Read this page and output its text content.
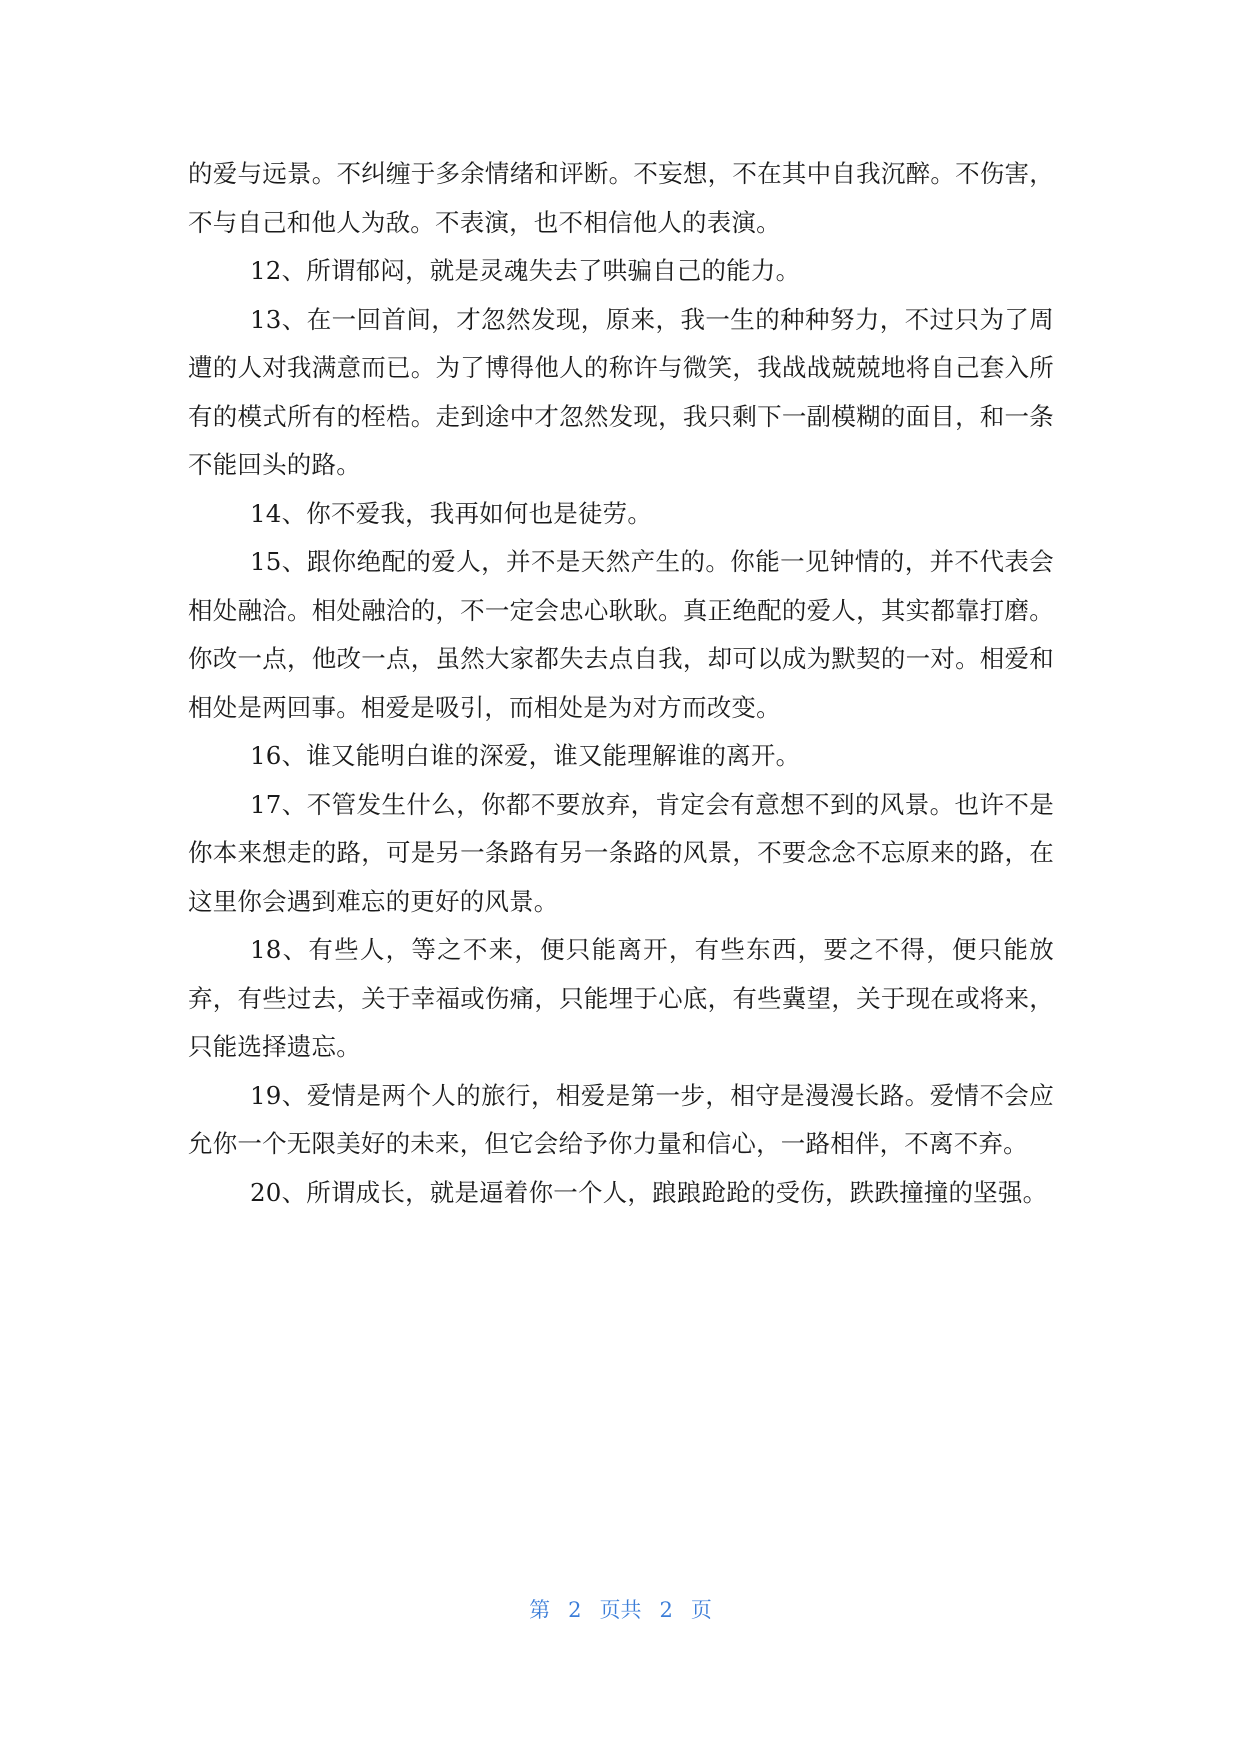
的爱与远景。不纠缠于多余情绪和评断。不妄想，不在其中自我沉醉。不伤害，不与自己和他人为敌。不表演，也不相信他人的表演。

12、所谓郁闷，就是灵魂失去了哄骗自己的能力。

13、在一回首间，才忽然发现，原来，我一生的种种努力，不过只为了周遭的人对我满意而已。为了博得他人的称许与微笑，我战战兢兢地将自己套入所有的模式所有的桎梏。走到途中才忽然发现，我只剩下一副模糊的面目，和一条不能回头的路。

14、你不爱我，我再如何也是徒劳。

15、跟你绝配的爱人，并不是天然产生的。你能一见钟情的，并不代表会相处融洽。相处融洽的，不一定会忠心耿耿。真正绝配的爱人，其实都靠打磨。你改一点，他改一点，虽然大家都失去点自我，却可以成为默契的一对。相爱和相处是两回事。相爱是吸引，而相处是为对方而改变。

16、谁又能明白谁的深爱，谁又能理解谁的离开。

17、不管发生什么，你都不要放弃，肯定会有意想不到的风景。也许不是你本来想走的路，可是另一条路有另一条路的风景，不要念念不忘原来的路，在这里你会遇到难忘的更好的风景。

18、有些人，等之不来，便只能离开，有些东西，要之不得，便只能放弃，有些过去，关于幸福或伤痛，只能埋于心底，有些冀望，关于现在或将来，只能选择遗忘。

19、爱情是两个人的旅行，相爱是第一步，相守是漫漫长路。爱情不会应允你一个无限美好的未来，但它会给予你力量和信心，一路相伴，不离不弃。

20、所谓成长，就是逼着你一个人，踉踉跄跄的受伤，跌跌撞撞的坚强。

第 2 页共 2 页
